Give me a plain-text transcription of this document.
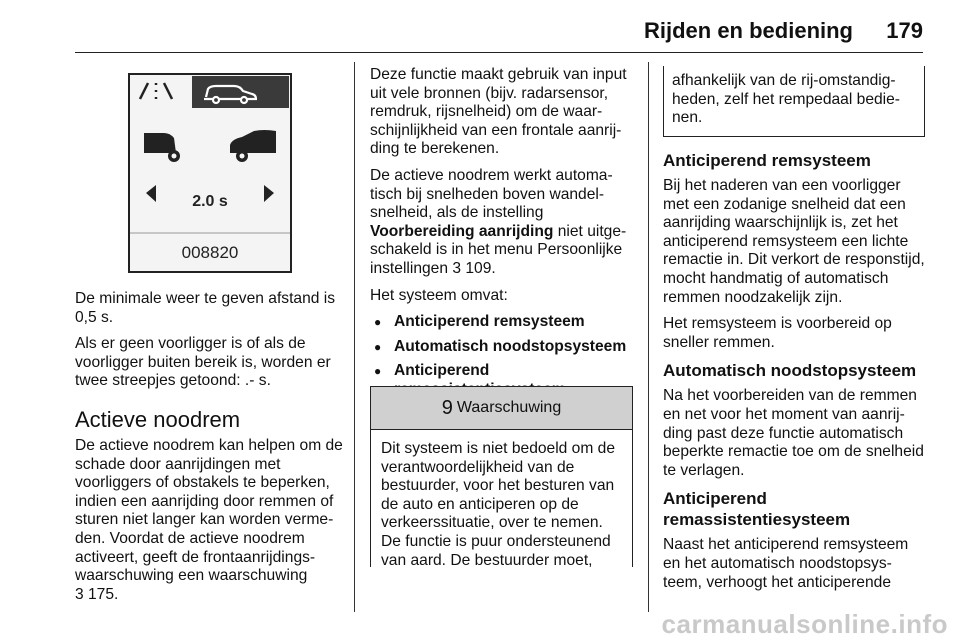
Rijden en bediening 179
2.0 s
008820

De minimale weer te geven afstand is 0,5 s.

Als er geen voorligger is of als de voorligger buiten bereik is, worden er twee streepjes getoond: .- s.

Actieve noodrem

De actieve noodrem kan helpen om de schade door aanrijdingen met voorliggers of obstakels te beperken, indien een aanrijding door remmen of sturen niet langer kan worden verme- den. Voordat de actieve noodrem activeert, geeft de frontaanrijdings- waarschuwing een waarschuwing
3 175.

Deze functie maakt gebruik van input uit vele bronnen (bijv. radarsensor, remdruk, rijsnelheid) om de waar- schijnlijkheid van een frontale aanrij- ding te berekenen.

De actieve noodrem werkt automa- tisch bij snelheden boven wandel- snelheid, als de instelling
Voorbereiding aanrijding niet uitge- schakeld is in het menu Persoonlijke instellingen 3 109.

Het systeem omvat:

● Anticiperend remsysteem
● Automatisch noodstopsysteem
● Anticiperend
9 Waarschuwing
Dit systeem is niet bedoeld om de verantwoordelijkheid van de bestuurder, voor het besturen van de auto en anticiperen op de verkeerssituatie, over te nemen. De functie is puur ondersteunend van aard. De bestuurder moet,
afhankelijk van de rij-omstandig- heden, zelf het rempedaal bedie- nen.
Anticiperend remsysteem

Bij het naderen van een voorligger met een zodanige snelheid dat een aanrijding waarschijnlijk is, zet het anticiperend remsysteem een lichte remactie in. Dit verkort de responstijd, mocht handmatig of automatisch remmen noodzakelijk zijn.

Het remsysteem is voorbereid op sneller remmen.

Automatisch noodstopsysteem

Na het voorbereiden van de remmen en net voor het moment van aanrij- ding past deze functie automatisch beperkte remactie toe om de snelheid te verlagen.

Anticiperend remassistentiesysteem

Naast het anticiperend remsysteem en het automatisch noodstopsys- teem, verhoogt het anticiperende

carmanualsonline.info
